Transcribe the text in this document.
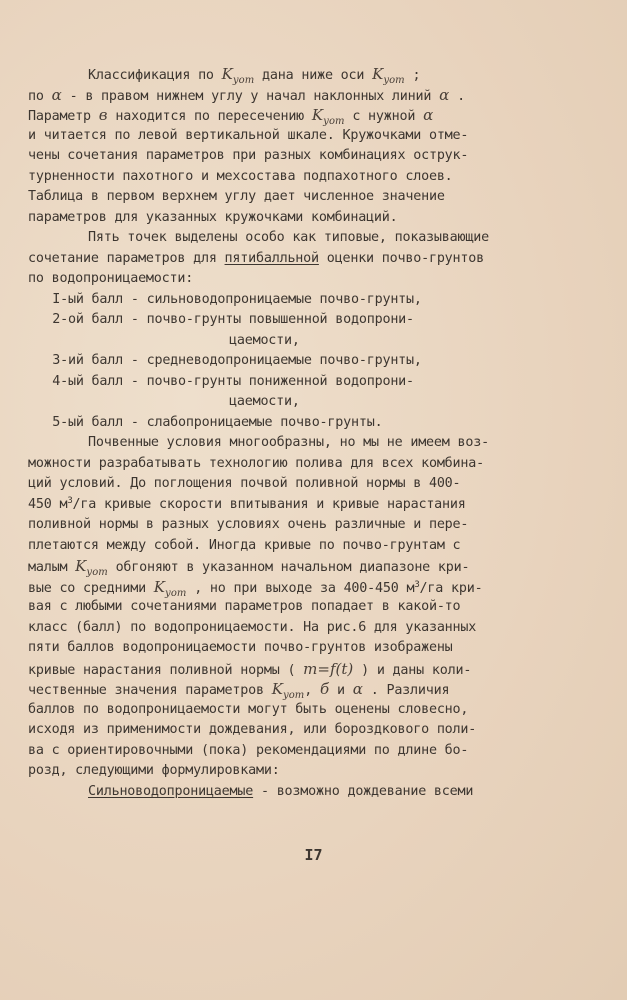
Классификация по $K_{уот}$ дана ниже оси $K_{уот}$ ;
по α - в правом нижнем углу у начал наклонных линий α .
Параметр в находится по пересечению $K_{уот}$ с нужной α
и читается по левой вертикальной шкале. Кружочками отме-
чены сочетания параметров при разных комбинациях острук-
турненности пахотного и мехсостава подпахотного слоев.
Таблица в первом верхнем углу дает численное значение
параметров для указанных кружочками комбинаций.
Пять точек выделены особо как типовые, показывающие
сочетание параметров для пятибалльной оценки почво-грунтов
по водопроницаемости:
I-ый балл - сильноводопроницаемые почво-грунты,
2-ой балл - почво-грунты повышенной водопрони-
цаемости,
3-ий балл - средневодопроницаемые почво-грунты,
4-ый балл - почво-грунты пониженной водопрони-
цаемости,
5-ый балл - слабопроницаемые почво-грунты.
Почвенные условия многообразны, но мы не имеем воз-
можности разрабатывать технологию полива для всех комбина-
ций условий. До поглощения почвой поливной нормы в 400-
450 $м^3/га$ кривые скорости впитывания и кривые нарастания
поливной нормы в разных условиях очень различные и пере-
плетаются между собой. Иногда кривые по почво-грунтам с
малым $K_{уот}$ обгоняют в указанном начальном диапазоне кри-
вые со средними $K_{уот}$ , но при выходе за 400-450 $м^3/га$ кри-
вая с любыми сочетаниями параметров попадает в какой-то
класс (балл) по водопроницаемости. На рис.6 для указанных
пяти баллов водопроницаемости почво-грунтов изображены
кривые нарастания поливной нормы ( m=f(t) ) и даны коли-
чественные значения параметров $K_{уот}$, б и α . Различия
баллов по водопроницаемости могут быть оценены словесно,
исходя из применимости дождевания, или бороздкового поли-
ва с ориентировочными (пока) рекомендациями по длине бо-
розд, следующими формулировками:
Сильноводопроницаемые - возможно дождевание всеми
I7
